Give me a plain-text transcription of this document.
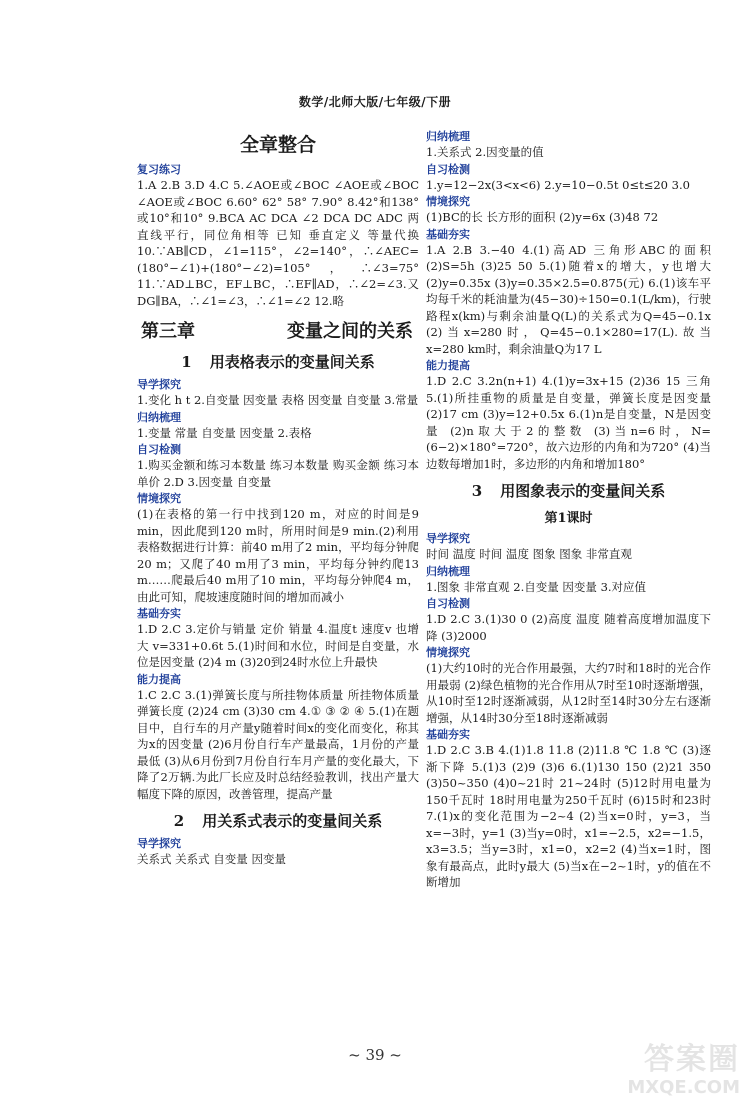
数学/北师大版/七年级/下册
全章整合
复习练习

1.A 2.B 3.D 4.C 5.∠AOE或∠BOC ∠AOE或∠BOC ∠AOE或∠BOC 6.60° 62° 58° 7.90° 8.42°和138°或10°和10° 9.BCA AC DCA ∠2 DCA DC ADC 两直线平行，同位角相等 已知 垂直定义 等量代换 10.∵AB∥CD，∠1=115°，∠2=140°，∴∠AEC=(180°−∠1)+(180°−∠2)=105°，∴∠3=75° 11.∵AD⊥BC，EF⊥BC，∴EF∥AD，∴∠2=∠3.又DG∥BA，∴∠1=∠3，∴∠1=∠2 12.略

第三章	变量之间的关系
1 用表格表示的变量间关系
导学探究

1.变化 h t 2.自变量 因变量 表格 因变量 自变量 3.常量

归纳梳理

1.变量 常量 自变量 因变量 2.表格

自习检测

1.购买金额和练习本数量 练习本数量 购买金额 练习本单价 2.D 3.因变量 自变量

情境探究

(1)在表格的第一行中找到120 m，对应的时间是9 min，因此爬到120 m时，所用时间是9 min.(2)利用表格数据进行计算：前40 m用了2 min，平均每分钟爬20 m；又爬了40 m用了3 min，平均每分钟约爬13 m……爬最后40 m用了10 min，平均每分钟爬4 m，由此可知，爬坡速度随时间的增加而减小

基础夯实

1.D 2.C 3.定价与销量 定价 销量 4.温度t 速度v 也增大 v=331+0.6t 5.(1)时间和水位，时间是自变量，水位是因变量 (2)4 m (3)20到24时水位上升最快

能力提高

1.C 2.C 3.(1)弹簧长度与所挂物体质量 所挂物体质量 弹簧长度 (2)24 cm (3)30 cm 4.① ③ ② ④ 5.(1)在题目中，自行车的月产量y随着时间x的变化而变化，称其为x的因变量 (2)6月份自行车产量最高，1月份的产量最低 (3)从6月份到7月份自行车月产量的变化最大，下降了2万辆.为此厂长应及时总结经验教训，找出产量大幅度下降的原因，改善管理，提高产量

2 用关系式表示的变量间关系
导学探究

关系式 关系式 自变量 因变量

归纳梳理

1.关系式 2.因变量的值

自习检测

1.y=12−2x(3<x<6) 2.y=10−0.5t 0≤t≤20 3.0

情境探究

(1)BC的长 长方形的面积 (2)y=6x (3)48 72

基础夯实

1.A 2.B 3.−40 4.(1)高AD 三角形ABC的面积 (2)S=5h (3)25 50 5.(1)随着x的增大，y也增大 (2)y=0.35x (3)y=0.35×2.5=0.875(元) 6.(1)该车平均每千米的耗油量为(45−30)÷150=0.1(L/km)，行驶路程x(km)与剩余油量Q(L)的关系式为Q=45−0.1x (2)当x=280时，Q=45−0.1×280=17(L).故当x=280 km时，剩余油量Q为17 L

能力提高

1.D 2.C 3.2n(n+1) 4.(1)y=3x+15 (2)36 15 三角 5.(1)所挂重物的质量是自变量，弹簧长度是因变量 (2)17 cm (3)y=12+0.5x 6.(1)n是自变量，N是因变量 (2)n取大于2的整数 (3)当n=6时，N=(6−2)×180°=720°，故六边形的内角和为720° (4)当边数每增加1时，多边形的内角和增加180°

3 用图象表示的变量间关系
第1课时
导学探究

时间 温度 时间 温度 图象 图象 非常直观

归纳梳理

1.图象 非常直观 2.自变量 因变量 3.对应值

自习检测

1.D 2.C 3.(1)30 0 (2)高度 温度 随着高度增加温度下降 (3)2000

情境探究

(1)大约10时的光合作用最强，大约7时和18时的光合作用最弱 (2)绿色植物的光合作用从7时至10时逐渐增强，从10时至12时逐渐减弱，从12时至14时30分左右逐渐增强，从14时30分至18时逐渐减弱

基础夯实

1.D 2.C 3.B 4.(1)1.8 11.8 (2)11.8 ℃ 1.8 ℃ (3)逐渐下降 5.(1)3 (2)9 (3)6 6.(1)130 150 (2)21 350 (3)50~350 (4)0~21时 21~24时 (5)12时用电量为150千瓦时 18时用电量为250千瓦时 (6)15时和23时 7.(1)x的变化范围为−2~4 (2)当x=0时，y=3，当x=−3时，y=1 (3)当y=0时，x1=−2.5，x2=−1.5，x3=3.5；当y=3时，x1=0，x2=2 (4)当x=1时，图象有最高点，此时y最大 (5)当x在−2~1时，y的值在不断增加

~ 39 ~	答案圈
MXQE.COM
